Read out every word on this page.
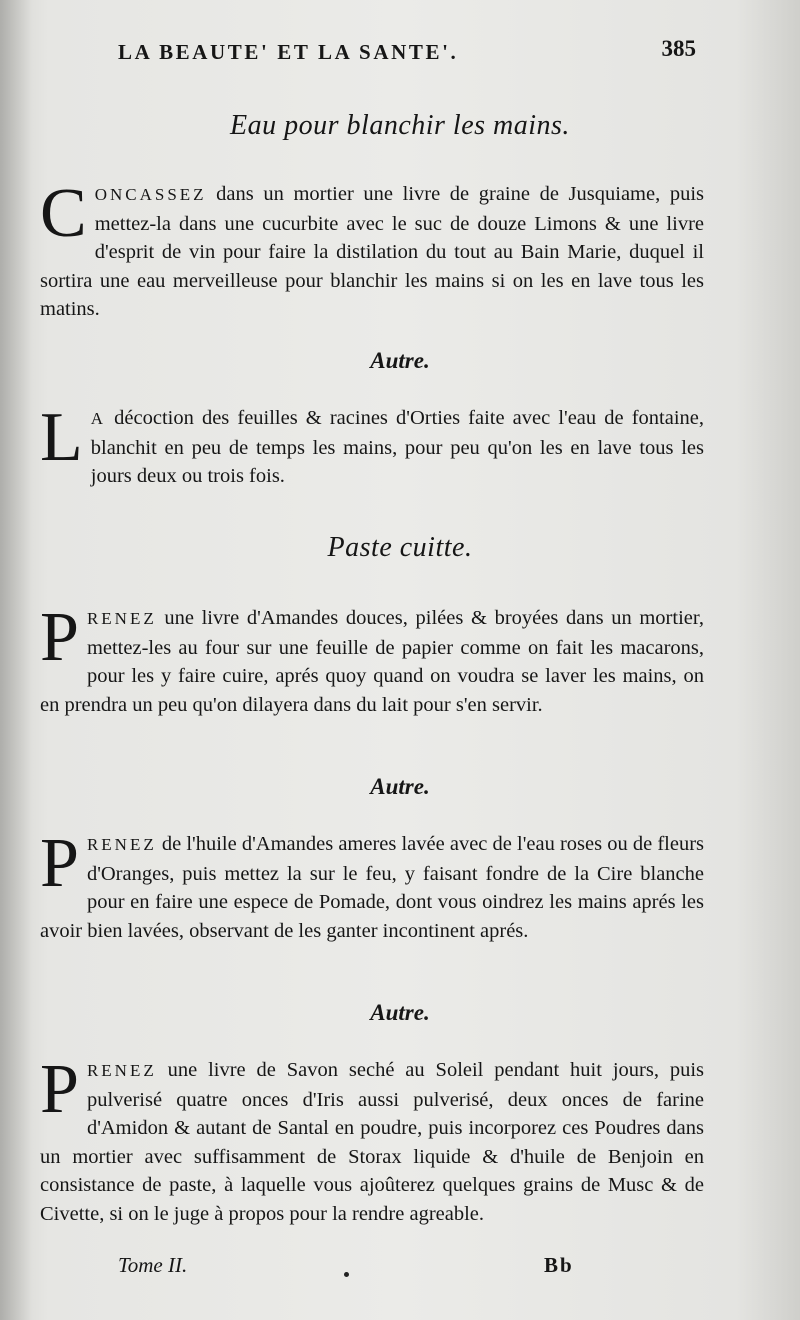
LA BEAUTE' ET LA SANTE'.	385
Eau pour blanchir les mains.
CONCASSEZ dans un mortier une livre de graine de Jusquiame, puis mettez-la dans une cucurbite avec le suc de douze Limons & une livre d'esprit de vin pour faire la distilation du tout au Bain Marie, duquel il sortira une eau merveilleuse pour blanchir les mains si on les en lave tous les matins.
Autre.
L A décoction des feuilles & racines d'Orties faite avec l'eau de fontaine, blanchit en peu de temps les mains, pour peu qu'on les en lave tous les jours deux ou trois fois.
Paste cuitte.
PRENEZ une livre d'Amandes douces, pilées & broyées dans un mortier, mettez-les au four sur une feuille de papier comme on fait les macarons, pour les y faire cuire, aprés quoy quand on voudra se laver les mains, on en prendra un peu qu'on dilayera dans du lait pour s'en servir.
Autre.
PRENEZ de l'huile d'Amandes ameres lavée avec de l'eau roses ou de fleurs d'Oranges, puis mettez la sur le feu, y faisant fondre de la Cire blanche pour en faire une espece de Pomade, dont vous oindrez les mains aprés les avoir bien lavées, observant de les ganter incontinent aprés.
Autre.
PRENEZ une livre de Savon seché au Soleil pendant huit jours, puis pulverisé quatre onces d'Iris aussi pulverisé, deux onces de farine d'Amidon & autant de Santal en poudre, puis incorporez ces Poudres dans un mortier avec suffisamment de Storax liquide & d'huile de Benjoin en consistance de paste, à laquelle vous ajoûterez quelques grains de Musc & de Civette, si on le juge à propos pour la rendre agreable.
Tome II.	Bb
